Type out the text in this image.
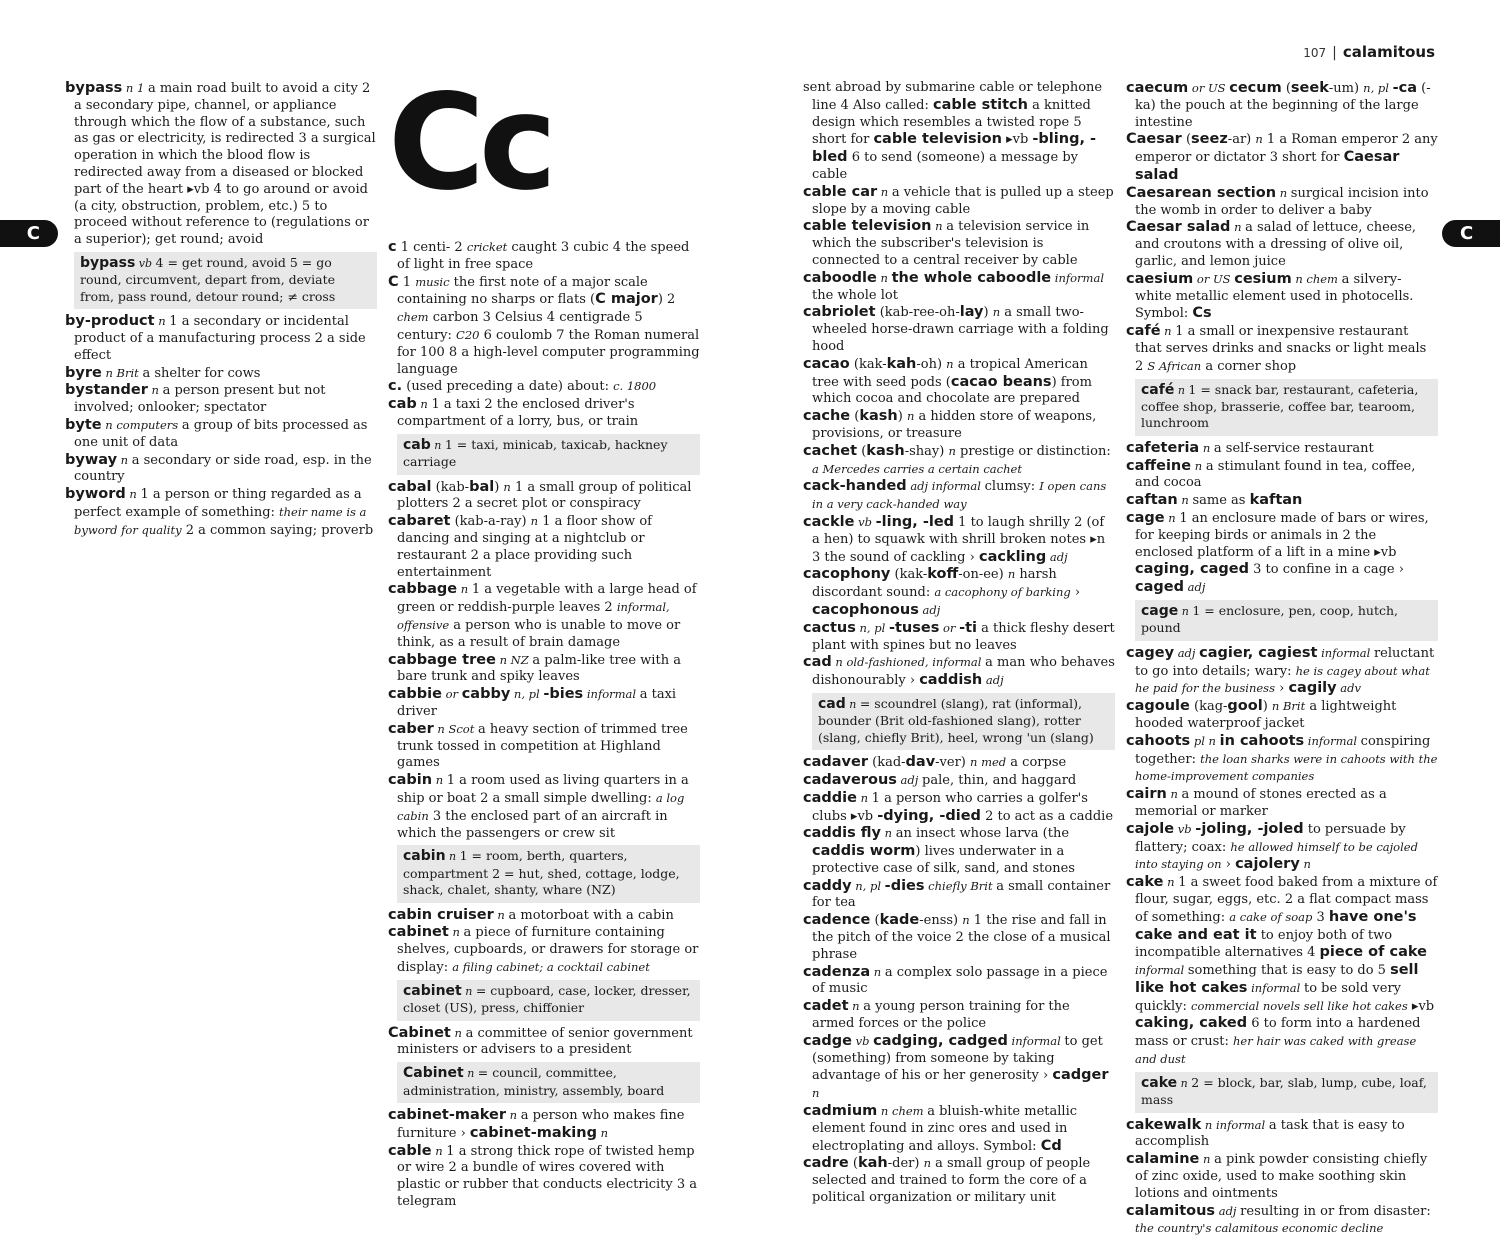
107 | calamitous
Cc
C	C
bypass n 1 a main road built to avoid a city 2 a secondary pipe, channel, or appliance through which the flow of a substance, such as gas or electricity, is redirected 3 a surgical operation in which the blood flow is redirected away from a diseased or blocked part of the heart ▸vb 4 to go around or avoid (a city, obstruction, problem, etc.) 5 to proceed without reference to (regulations or a superior); get round; avoid
bypass vb 4 = get round, avoid 5 = go round, circumvent, depart from, deviate from, pass round, detour round; ≠ cross
by-product n 1 a secondary or incidental product of a manufacturing process 2 a side effect
byre n Brit a shelter for cows
bystander n a person present but not involved; onlooker; spectator
byte n computers a group of bits processed as one unit of data
byway n a secondary or side road, esp. in the country
byword n 1 a person or thing regarded as a perfect example of something: their name is a byword for quality 2 a common saying; proverb
c 1 centi- 2 cricket caught 3 cubic 4 the speed of light in free space
C 1 music the first note of a major scale containing no sharps or flats (C major) 2 chem carbon 3 Celsius 4 centigrade 5 century: C20 6 coulomb 7 the Roman numeral for 100 8 a high-level computer programming language
c. (used preceding a date) about: c. 1800
cab n 1 a taxi 2 the enclosed driver's compartment of a lorry, bus, or train
cab n 1 = taxi, minicab, taxicab, hackney carriage
cabal (kab-bal) n 1 a small group of political plotters 2 a secret plot or conspiracy
cabaret (kab-a-ray) n 1 a floor show of dancing and singing at a nightclub or restaurant 2 a place providing such entertainment
cabbage n 1 a vegetable with a large head of green or reddish-purple leaves 2 informal, offensive a person who is unable to move or think, as a result of brain damage
cabbage tree n NZ a palm-like tree with a bare trunk and spiky leaves
cabbie or cabby n, pl -bies informal a taxi driver
caber n Scot a heavy section of trimmed tree trunk tossed in competition at Highland games
cabin n 1 a room used as living quarters in a ship or boat 2 a small simple dwelling: a log cabin 3 the enclosed part of an aircraft in which the passengers or crew sit
cabin n 1 = room, berth, quarters, compartment 2 = hut, shed, cottage, lodge, shack, chalet, shanty, whare (NZ)
cabin cruiser n a motorboat with a cabin
cabinet n a piece of furniture containing shelves, cupboards, or drawers for storage or display: a filing cabinet; a cocktail cabinet
cabinet n = cupboard, case, locker, dresser, closet (US), press, chiffonier
Cabinet n a committee of senior government ministers or advisers to a president
Cabinet n = council, committee, administration, ministry, assembly, board
cabinet-maker n a person who makes fine furniture › cabinet-making n
cable n 1 a strong thick rope of twisted hemp or wire 2 a bundle of wires covered with plastic or rubber that conducts electricity 3 a telegram
sent abroad by submarine cable or telephone line 4 Also called: cable stitch a knitted design which resembles a twisted rope 5 short for cable television ▸vb -bling, -bled 6 to send (someone) a message by cable
cable car n a vehicle that is pulled up a steep slope by a moving cable
cable television n a television service in which the subscriber's television is connected to a central receiver by cable
caboodle n the whole caboodle informal the whole lot
cabriolet (kab-ree-oh-lay) n a small two-wheeled horse-drawn carriage with a folding hood
cacao (kak-kah-oh) n a tropical American tree with seed pods (cacao beans) from which cocoa and chocolate are prepared
cache (kash) n a hidden store of weapons, provisions, or treasure
cachet (kash-shay) n prestige or distinction: a Mercedes carries a certain cachet
cack-handed adj informal clumsy: I open cans in a very cack-handed way
cackle vb -ling, -led 1 to laugh shrilly 2 (of a hen) to squawk with shrill broken notes ▸n 3 the sound of cackling › cackling adj
cacophony (kak-koff-on-ee) n harsh discordant sound: a cacophony of barking › cacophonous adj
cactus n, pl -tuses or -ti a thick fleshy desert plant with spines but no leaves
cad n old-fashioned, informal a man who behaves dishonourably › caddish adj
cad n = scoundrel (slang), rat (informal), bounder (Brit old-fashioned slang), rotter (slang, chiefly Brit), heel, wrong 'un (slang)
cadaver (kad-dav-ver) n med a corpse
cadaverous adj pale, thin, and haggard
caddie n 1 a person who carries a golfer's clubs ▸vb -dying, -died 2 to act as a caddie
caddis fly n an insect whose larva (the caddis worm) lives underwater in a protective case of silk, sand, and stones
caddy n, pl -dies chiefly Brit a small container for tea
cadence (kade-enss) n 1 the rise and fall in the pitch of the voice 2 the close of a musical phrase
cadenza n a complex solo passage in a piece of music
cadet n a young person training for the armed forces or the police
cadge vb cadging, cadged informal to get (something) from someone by taking advantage of his or her generosity › cadger n
cadmium n chem a bluish-white metallic element found in zinc ores and used in electroplating and alloys. Symbol: Cd
cadre (kah-der) n a small group of people selected and trained to form the core of a political organization or military unit
caecum or US cecum (seek-um) n, pl -ca (-ka) the pouch at the beginning of the large intestine
Caesar (seez-ar) n 1 a Roman emperor 2 any emperor or dictator 3 short for Caesar salad
Caesarean section n surgical incision into the womb in order to deliver a baby
Caesar salad n a salad of lettuce, cheese, and croutons with a dressing of olive oil, garlic, and lemon juice
caesium or US cesium n chem a silvery-white metallic element used in photocells. Symbol: Cs
café n 1 a small or inexpensive restaurant that serves drinks and snacks or light meals 2 S African a corner shop
café n 1 = snack bar, restaurant, cafeteria, coffee shop, brasserie, coffee bar, tearoom, lunchroom
cafeteria n a self-service restaurant
caffeine n a stimulant found in tea, coffee, and cocoa
caftan n same as kaftan
cage n 1 an enclosure made of bars or wires, for keeping birds or animals in 2 the enclosed platform of a lift in a mine ▸vb caging, caged 3 to confine in a cage › caged adj
cage n 1 = enclosure, pen, coop, hutch, pound
cagey adj cagier, cagiest informal reluctant to go into details; wary: he is cagey about what he paid for the business › cagily adv
cagoule (kag-gool) n Brit a lightweight hooded waterproof jacket
cahoots pl n in cahoots informal conspiring together: the loan sharks were in cahoots with the home-improvement companies
cairn n a mound of stones erected as a memorial or marker
cajole vb -joling, -joled to persuade by flattery; coax: he allowed himself to be cajoled into staying on › cajolery n
cake n 1 a sweet food baked from a mixture of flour, sugar, eggs, etc. 2 a flat compact mass of something: a cake of soap 3 have one's cake and eat it to enjoy both of two incompatible alternatives 4 piece of cake informal something that is easy to do 5 sell like hot cakes informal to be sold very quickly: commercial novels sell like hot cakes ▸vb caking, caked 6 to form into a hardened mass or crust: her hair was caked with grease and dust
cake n 2 = block, bar, slab, lump, cube, loaf, mass
cakewalk n informal a task that is easy to accomplish
calamine n a pink powder consisting chiefly of zinc oxide, used to make soothing skin lotions and ointments
calamitous adj resulting in or from disaster: the country's calamitous economic decline
